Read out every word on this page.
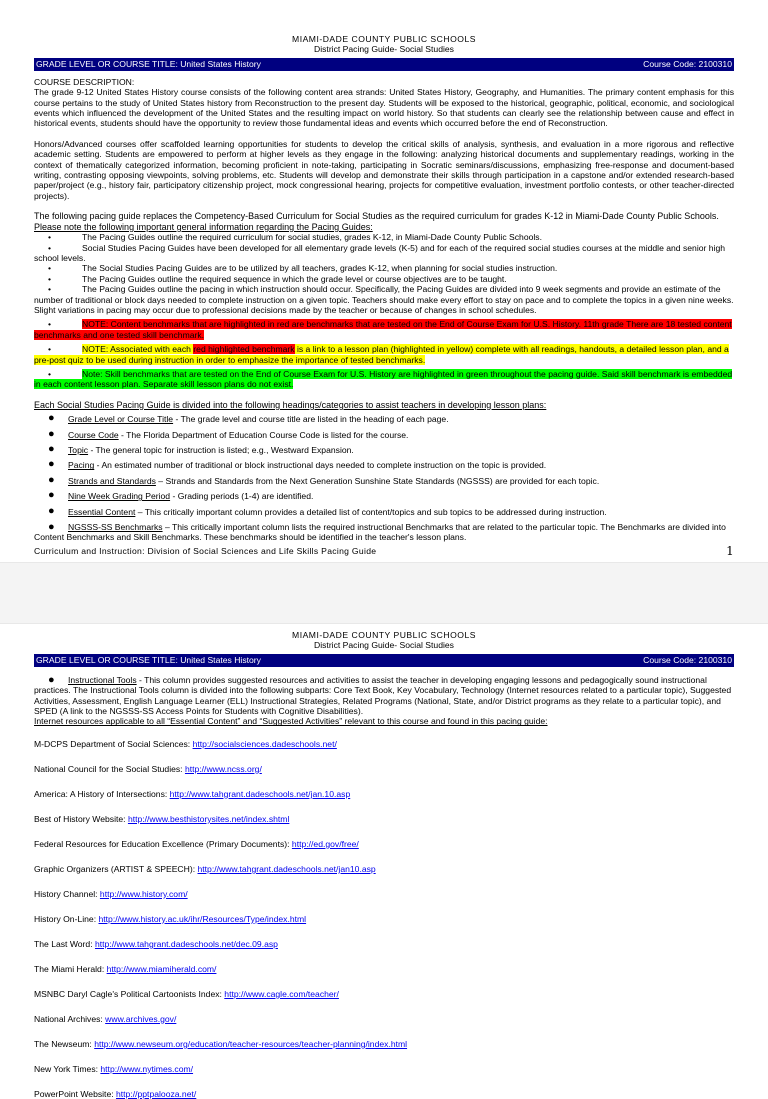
MIAMI-DADE COUNTY PUBLIC SCHOOLS
District Pacing Guide- Social Studies
GRADE LEVEL OR COURSE TITLE: United States History	Course Code: 2100310
COURSE DESCRIPTION:
The grade 9-12 United States History course consists of the following content area strands: United States History, Geography, and Humanities. The primary content emphasis for this course pertains to the study of United States history from Reconstruction to the present day. Students will be exposed to the historical, geographic, political, economic, and sociological events which influenced the development of the United States and the resulting impact on world history. So that students can clearly see the relationship between cause and effect in historical events, students should have the opportunity to review those fundamental ideas and events which occurred before the end of Reconstruction.
Honors/Advanced courses offer scaffolded learning opportunities for students to develop the critical skills of analysis, synthesis, and evaluation in a more rigorous and reflective academic setting. Students are empowered to perform at higher levels as they engage in the following: analyzing historical documents and supplementary readings, working in the context of thematically categorized information, becoming proficient in note-taking, participating in Socratic seminars/discussions, emphasizing free-response and document-based writing, contrasting opposing viewpoints, solving problems, etc. Students will develop and demonstrate their skills through participation in a capstone and/or extended research-based paper/project (e.g., history fair, participatory citizenship project, mock congressional hearing, projects for competitive evaluation, investment portfolio contests, or other teacher-directed projects).
The following pacing guide replaces the Competency-Based Curriculum for Social Studies as the required curriculum for grades K-12 in Miami-Dade County Public Schools.
Please note the following important general information regarding the Pacing Guides:
•	The Pacing Guides outline the required curriculum for social studies, grades K-12, in Miami-Dade County Public Schools.
•	Social Studies Pacing Guides have been developed for all elementary grade levels (K-5) and for each of the required social studies courses at the middle and senior high school levels.
•	The Social Studies Pacing Guides are to be utilized by all teachers, grades K-12, when planning for social studies instruction.
•	The Pacing Guides outline the required sequence in which the grade level or course objectives are to be taught.
•	The Pacing Guides outline the pacing in which instruction should occur. Specifically, the Pacing Guides are divided into 9 week segments and provide an estimate of the number of traditional or block days needed to complete instruction on a given topic. Teachers should make every effort to stay on pace and to complete the topics in a given nine weeks. Slight variations in pacing may occur due to professional decisions made by the teacher or because of changes in school schedules.
•	NOTE: Content benchmarks that are highlighted in red are benchmarks that are tested on the End of Course Exam for U.S. History. 11th grade There are 18 tested content benchmarks and one tested skill benchmark.
•	NOTE: Associated with each red highlighted benchmark is a link to a lesson plan (highlighted in yellow) complete with all readings, handouts, a detailed lesson plan, and a pre-post quiz to be used during instruction in order to emphasize the importance of tested benchmarks.
•	Note: Skill benchmarks that are tested on the End of Course Exam for U.S. History are highlighted in green throughout the pacing guide. Said skill benchmark is embedded in each content lesson plan. Separate skill lesson plans do not exist.
Each Social Studies Pacing Guide is divided into the following headings/categories to assist teachers in developing lesson plans:
● Grade Level or Course Title - The grade level and course title are listed in the heading of each page.
● Course Code - The Florida Department of Education Course Code is listed for the course.
● Topic - The general topic for instruction is listed; e.g., Westward Expansion.
● Pacing - An estimated number of traditional or block instructional days needed to complete instruction on the topic is provided.
● Strands and Standards – Strands and Standards from the Next Generation Sunshine State Standards (NGSSS) are provided for each topic.
● Nine Week Grading Period - Grading periods (1-4) are identified.
● Essential Content – This critically important column provides a detailed list of content/topics and sub topics to be addressed during instruction.
● NGSSS-SS Benchmarks – This critically important column lists the required instructional Benchmarks that are related to the particular topic. The Benchmarks are divided into Content Benchmarks and Skill Benchmarks. These benchmarks should be identified in the teacher's lesson plans.
Curriculum and Instruction: Division of Social Sciences and Life Skills Pacing Guide	1
MIAMI-DADE COUNTY PUBLIC SCHOOLS
District Pacing Guide- Social Studies
GRADE LEVEL OR COURSE TITLE: United States History	Course Code: 2100310
● Instructional Tools - This column provides suggested resources and activities to assist the teacher in developing engaging lessons and pedagogically sound instructional practices. The Instructional Tools column is divided into the following subparts: Core Text Book, Key Vocabulary, Technology (Internet resources related to a particular topic), Suggested Activities, Assessment, English Language Learner (ELL) Instructional Strategies, Related Programs (National, State, and/or District programs as they relate to a particular topic), and SPED (A link to the NGSSS-SS Access Points for Students with Cognitive Disabilities).
Internet resources applicable to all “Essential Content” and “Suggested Activities” relevant to this course and found in this pacing guide:

M-DCPS Department of Social Sciences: http://socialsciences.dadeschools.net/

National Council for the Social Studies: http://www.ncss.org/

America: A History of Intersections: http://www.tahgrant.dadeschools.net/jan.10.asp

Best of History Website: http://www.besthistorysites.net/index.shtml

Federal Resources for Education Excellence (Primary Documents): http://ed.gov/free/

Graphic Organizers (ARTIST & SPEECH): http://www.tahgrant.dadeschools.net/jan10.asp

History Channel: http://www.history.com/

History On-Line: http://www.history.ac.uk/ihr/Resources/Type/index.html

The Last Word: http://www.tahgrant.dadeschools.net/dec.09.asp

The Miami Herald: http://www.miamiherald.com/

MSNBC Daryl Cagle's Political Cartoonists Index: http://www.cagle.com/teacher/

National Archives: www.archives.gov/

The Newseum: http://www.newseum.org/education/teacher-resources/teacher-planning/index.html

New York Times: http://www.nytimes.com/

PowerPoint Website: http://pptpalooza.net/
